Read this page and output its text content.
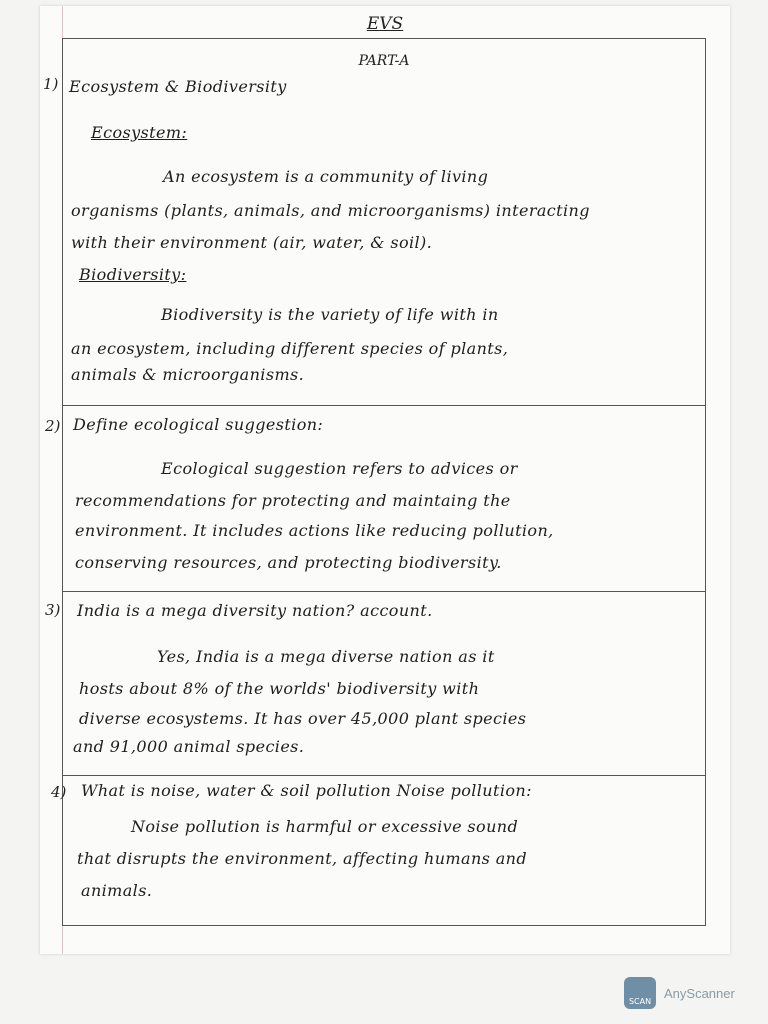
EVS
PART-A
1) Ecosystem & Biodiversity
Ecosystem:
An ecosystem is a community of living
organisms (plants, animals, and microorganisms) interacting
with their environment (air, water, & soil).
Biodiversity:
Biodiversity is the variety of life with in
an ecosystem, including different species of plants,
animals & microorganisms.
2) Define ecological suggestion:
Ecological suggestion refers to advices or
recommendations for protecting and maintaing the
environment. It includes actions like reducing pollution,
conserving resources, and protecting biodiversity.
3) India is a mega diversity nation? account.
Yes, India is a mega diverse nation as it
hosts about 8% of the worlds' biodiversity with
diverse ecosystems. It has over 45,000 plant species
and 91,000 animal species.
4) What is noise, water & soil pollution Noise pollution:
Noise pollution is harmful or excessive sound
that disrupts the environment, affecting humans and
animals.
SCAN
AnyScanner
